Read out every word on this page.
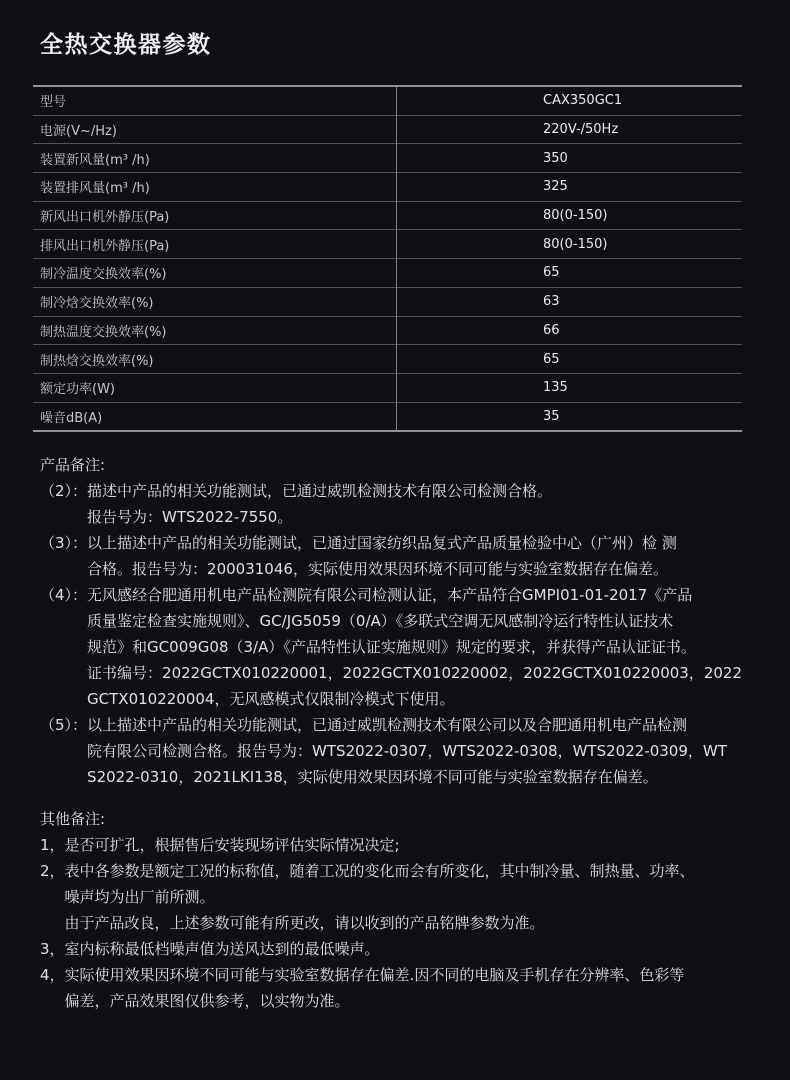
全热交换器参数
型号	CAX350GC1
电源(V~/Hz)	220V-/50Hz
装置新风量(m³ /h)	350
装置排风量(m³ /h)	325
新风出口机外静压(Pa)	80(0-150)
排风出口机外静压(Pa)	80(0-150)
制冷温度交换效率(%)	65
制冷焓交换效率(%)	63
制热温度交换效率(%)	66
制热焓交换效率(%)	65
额定功率(W)	135
噪音dB(A)	35
产品备注:
（2）： 描述中产品的相关功能测试，已通过威凯检测技术有限公司检测合格。
报告号为：WTS2022-7550。
（3）： 以上描述中产品的相关功能测试，已通过国家纺织品复式产品质量检验中心（广州）检 测
合格。报告号为：200031046，实际使用效果因环境不同可能与实验室数据存在偏差。
（4）： 无风感经合肥通用机电产品检测院有限公司检测认证，本产品符合GMPI01-01-2017《产品
质量鉴定检查实施规则》、GC/JG5059（0/A）《多联式空调无风感制冷运行特性认证技术
规范》和GC009G08（3/A）《产品特性认证实施规则》规定的要求，并获得产品认证证书。
证书编号：2022GCTX010220001，2022GCTX010220002，2022GCTX010220003，2022
GCTX010220004，无风感模式仅限制冷模式下使用。
（5）： 以上描述中产品的相关功能测试，已通过威凯检测技术有限公司以及合肥通用机电产品检测
院有限公司检测合格。报告号为：WTS2022-0307，WTS2022-0308，WTS2022-0309，WT
S2022-0310，2021LKI138，实际使用效果因环境不同可能与实验室数据存在偏差。
其他备注:
1， 是否可扩孔，根据售后安装现场评估实际情况决定;
2， 表中各参数是额定工况的标称值，随着工况的变化而会有所变化，其中制冷量、制热量、功率、
噪声均为出厂前所测。
由于产品改良，上述参数可能有所更改，请以收到的产品铭牌参数为准。
3， 室内标称最低档噪声值为送风达到的最低噪声。
4， 实际使用效果因环境不同可能与实验室数据存在偏差.因不同的电脑及手机存在分辨率、色彩等
偏差，产品效果图仅供参考，以实物为准。
